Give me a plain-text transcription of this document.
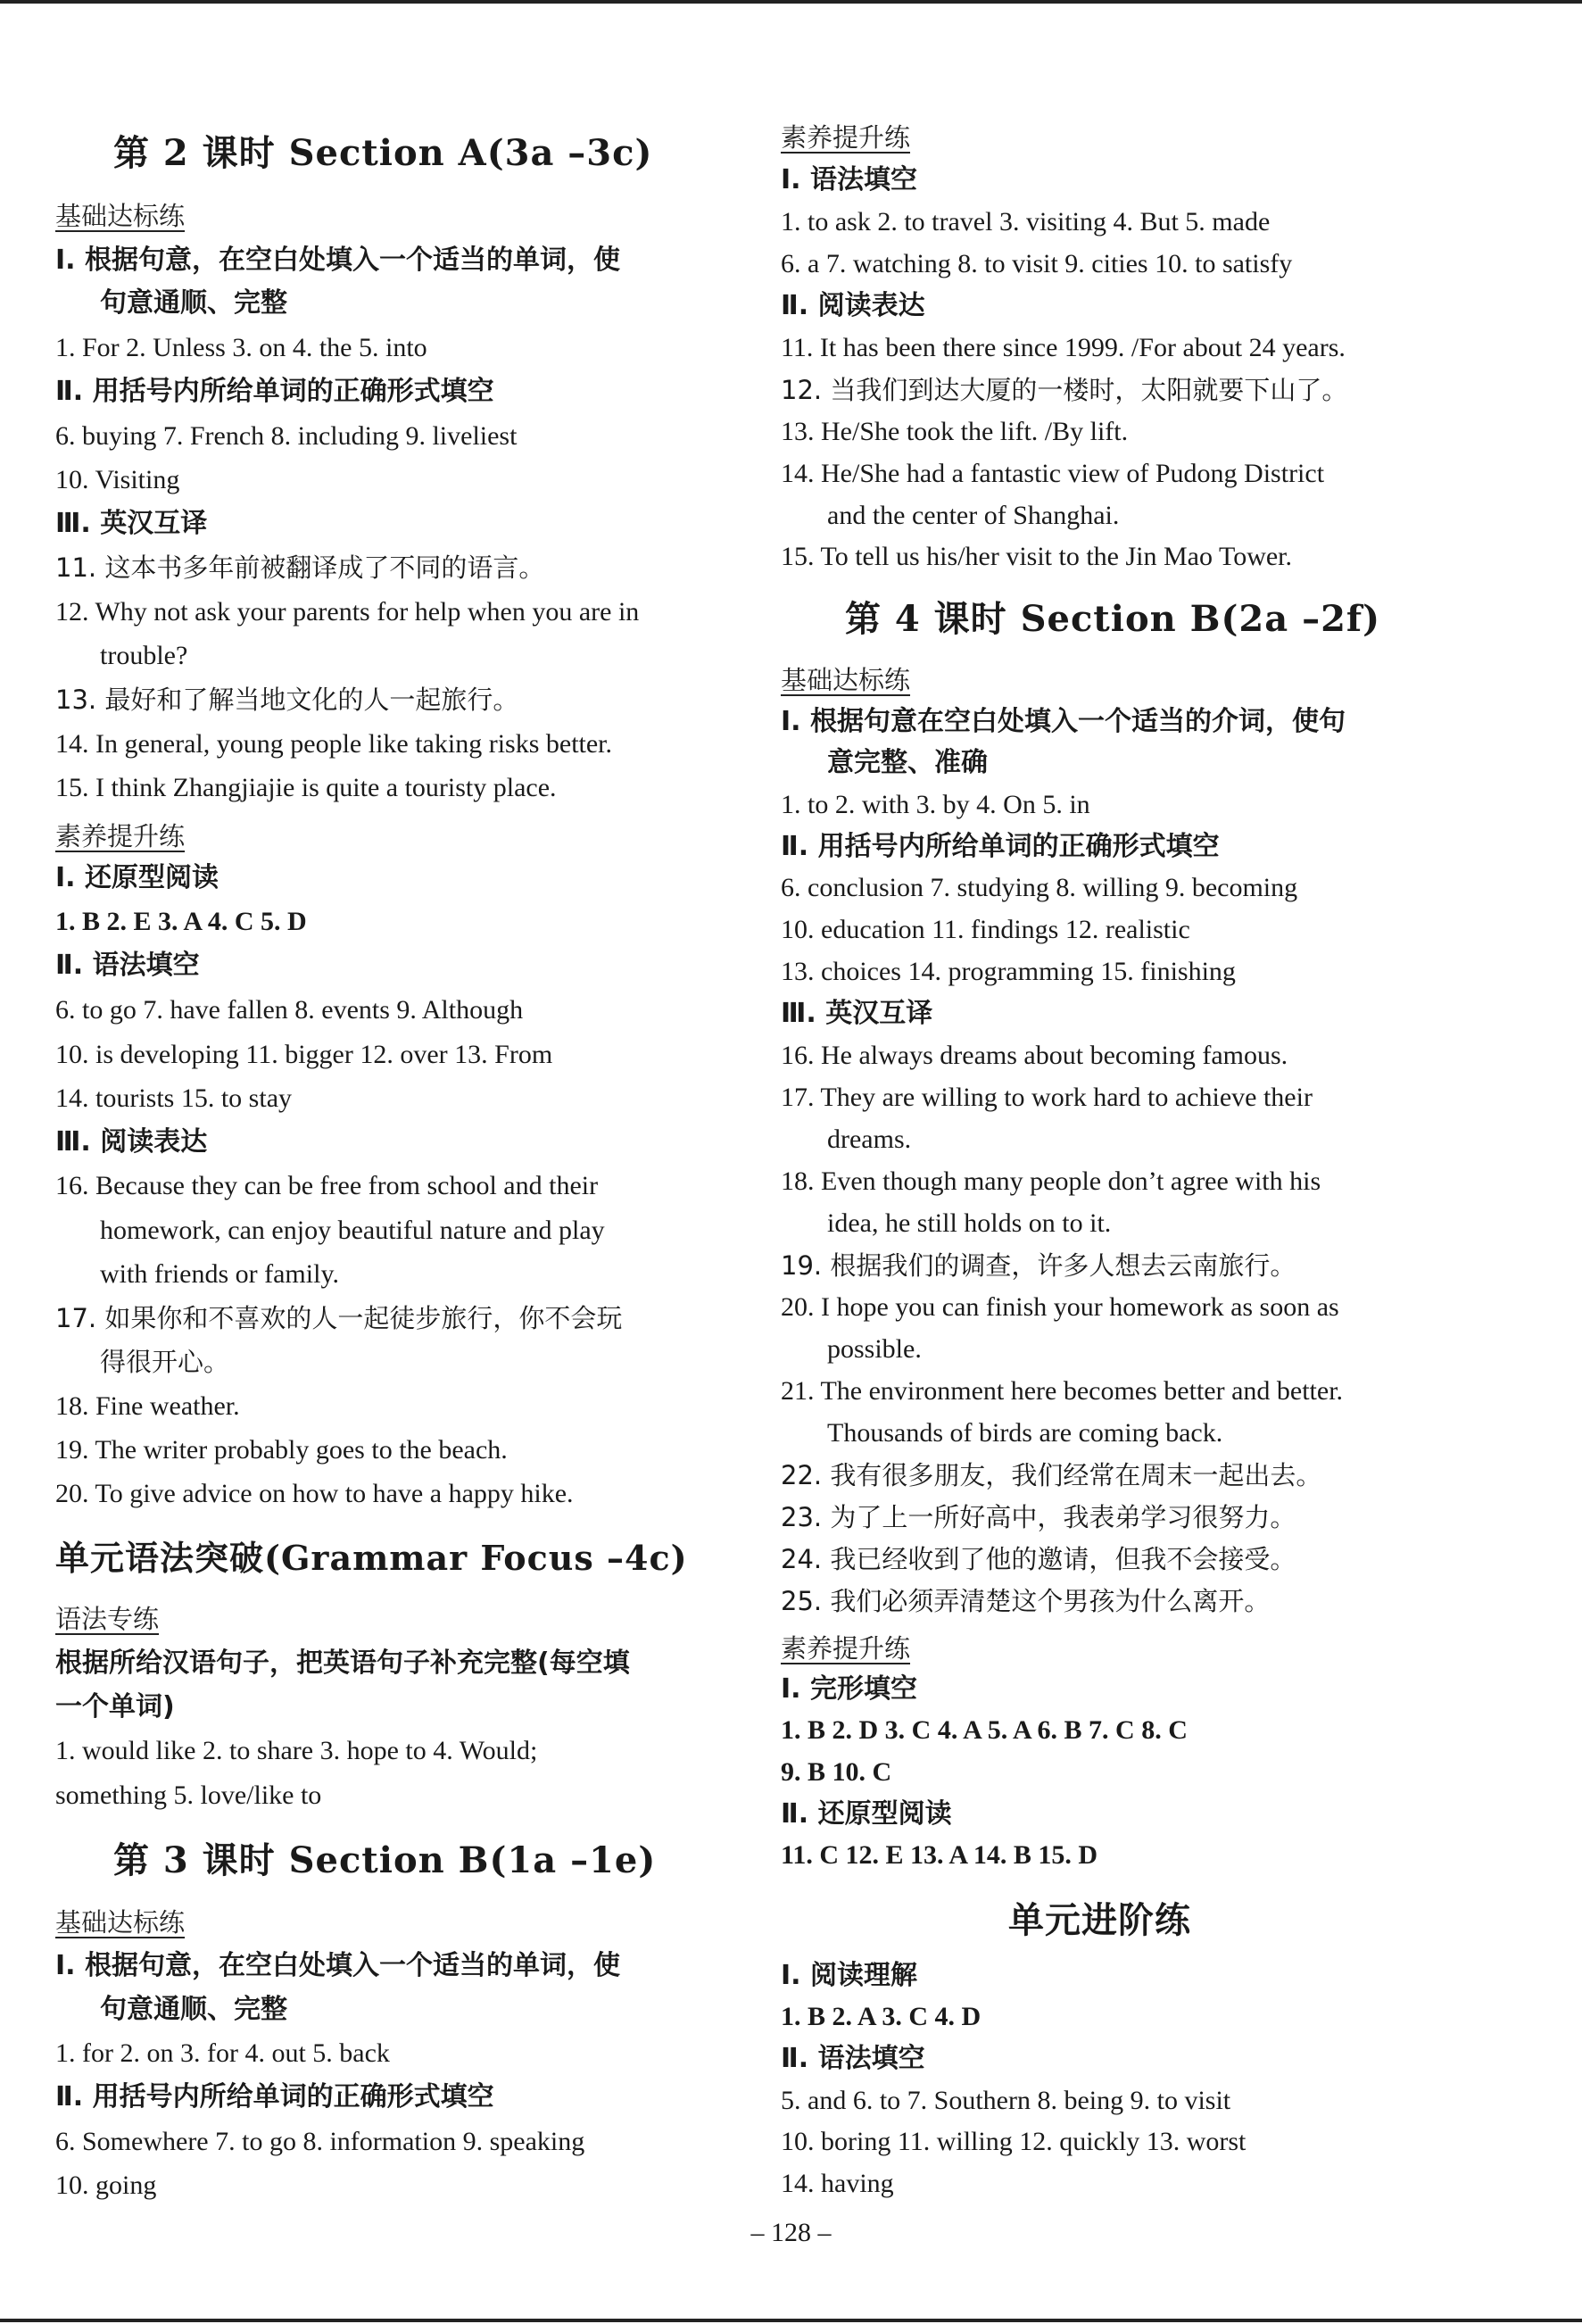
第 2 课时 Section A(3a –3c)
基础达标练
Ⅰ. 根据句意，在空白处填入一个适当的单词，使
句意通顺、完整
1. For 2. Unless 3. on 4. the 5. into
Ⅱ. 用括号内所给单词的正确形式填空
6. buying 7. French 8. including 9. liveliest
10. Visiting
Ⅲ. 英汉互译
11. 这本书多年前被翻译成了不同的语言。
12. Why not ask your parents for help when you are in
trouble?
13. 最好和了解当地文化的人一起旅行。
14. In general, young people like taking risks better.
15. I think Zhangjiajie is quite a touristy place.
素养提升练
Ⅰ. 还原型阅读
1. B 2. E 3. A 4. C 5. D
Ⅱ. 语法填空
6. to go 7. have fallen 8. events 9. Although
10. is developing 11. bigger 12. over 13. From
14. tourists 15. to stay
Ⅲ. 阅读表达
16. Because they can be free from school and their
homework, can enjoy beautiful nature and play
with friends or family.
17. 如果你和不喜欢的人一起徒步旅行，你不会玩
得很开心。
18. Fine weather.
19. The writer probably goes to the beach.
20. To give advice on how to have a happy hike.
单元语法突破(Grammar Focus –4c)
语法专练
根据所给汉语句子，把英语句子补充完整(每空填
一个单词)
1. would like 2. to share 3. hope to 4. Would;
something 5. love/like to
第 3 课时 Section B(1a –1e)
基础达标练
Ⅰ. 根据句意，在空白处填入一个适当的单词，使
句意通顺、完整
1. for 2. on 3. for 4. out 5. back
Ⅱ. 用括号内所给单词的正确形式填空
6. Somewhere 7. to go 8. information 9. speaking
10. going
素养提升练
Ⅰ. 语法填空
1. to ask 2. to travel 3. visiting 4. But 5. made
6. a 7. watching 8. to visit 9. cities 10. to satisfy
Ⅱ. 阅读表达
11. It has been there since 1999. /For about 24 years.
12. 当我们到达大厦的一楼时，太阳就要下山了。
13. He/She took the lift. /By lift.
14. He/She had a fantastic view of Pudong District
and the center of Shanghai.
15. To tell us his/her visit to the Jin Mao Tower.
第 4 课时 Section B(2a –2f)
基础达标练
Ⅰ. 根据句意在空白处填入一个适当的介词，使句
意完整、准确
1. to 2. with 3. by 4. On 5. in
Ⅱ. 用括号内所给单词的正确形式填空
6. conclusion 7. studying 8. willing 9. becoming
10. education 11. findings 12. realistic
13. choices 14. programming 15. finishing
Ⅲ. 英汉互译
16. He always dreams about becoming famous.
17. They are willing to work hard to achieve their
dreams.
18. Even though many people don’t agree with his
idea, he still holds on to it.
19. 根据我们的调查，许多人想去云南旅行。
20. I hope you can finish your homework as soon as
possible.
21. The environment here becomes better and better.
Thousands of birds are coming back.
22. 我有很多朋友，我们经常在周末一起出去。
23. 为了上一所好高中，我表弟学习很努力。
24. 我已经收到了他的邀请，但我不会接受。
25. 我们必须弄清楚这个男孩为什么离开。
素养提升练
Ⅰ. 完形填空
1. B 2. D 3. C 4. A 5. A 6. B 7. C 8. C
9. B 10. C
Ⅱ. 还原型阅读
11. C 12. E 13. A 14. B 15. D
单元进阶练
Ⅰ. 阅读理解
1. B 2. A 3. C 4. D
Ⅱ. 语法填空
5. and 6. to 7. Southern 8. being 9. to visit
10. boring 11. willing 12. quickly 13. worst
14. having
– 128 –
